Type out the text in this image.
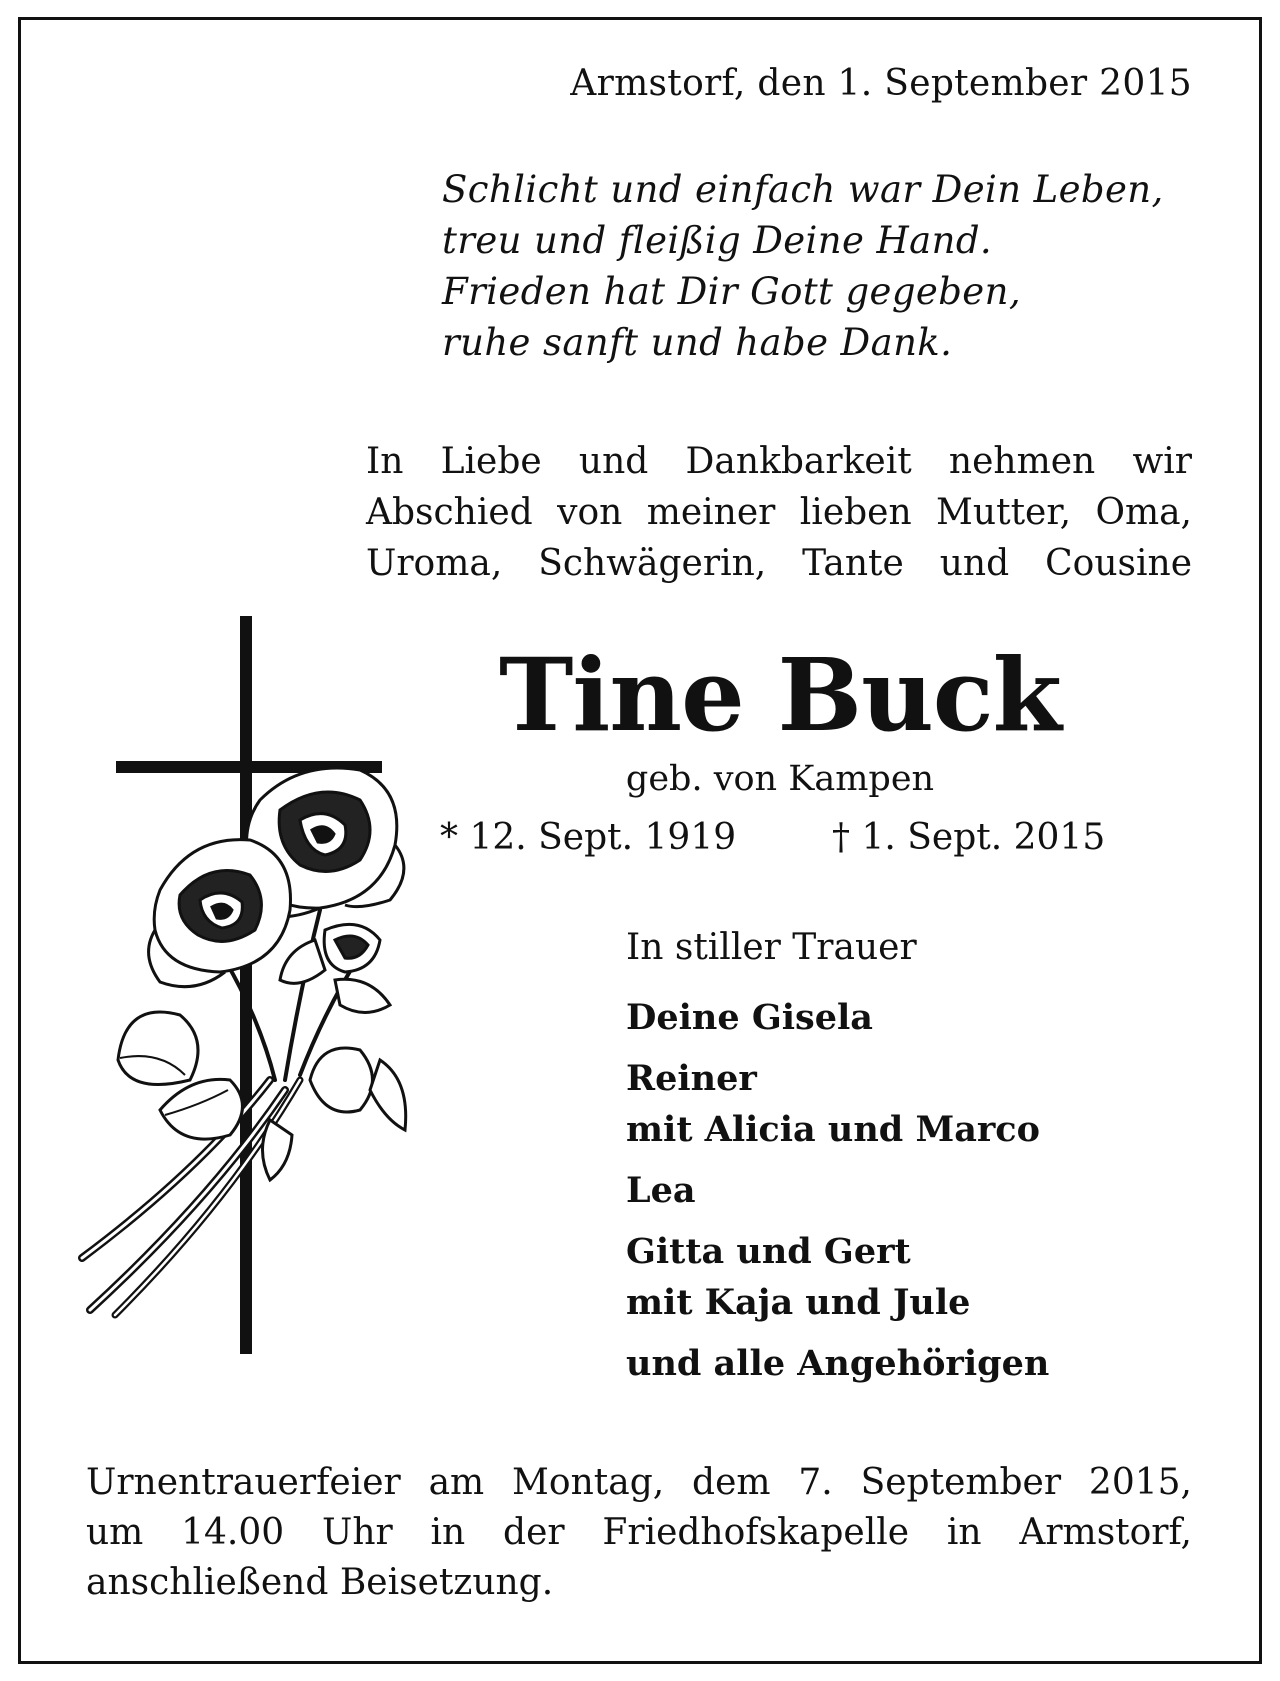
Armstorf, den 1. September 2015
Schlicht und einfach war Dein Leben,
treu und fleißig Deine Hand.
Frieden hat Dir Gott gegeben,
ruhe sanft und habe Dank.
In Liebe und Dankbarkeit nehmen wir
Abschied von meiner lieben Mutter, Oma,
Uroma, Schwägerin, Tante und Cousine
Tine Buck
geb. von Kampen
* 12. Sept. 1919	† 1. Sept. 2015
In stiller Trauer
Deine Gisela
Reiner
mit Alicia und Marco
Lea
Gitta und Gert
mit Kaja und Jule
und alle Angehörigen
Urnentrauerfeier am Montag, dem 7. September 2015,
um 14.00 Uhr in der Friedhofskapelle in Armstorf,
anschließend Beisetzung.
